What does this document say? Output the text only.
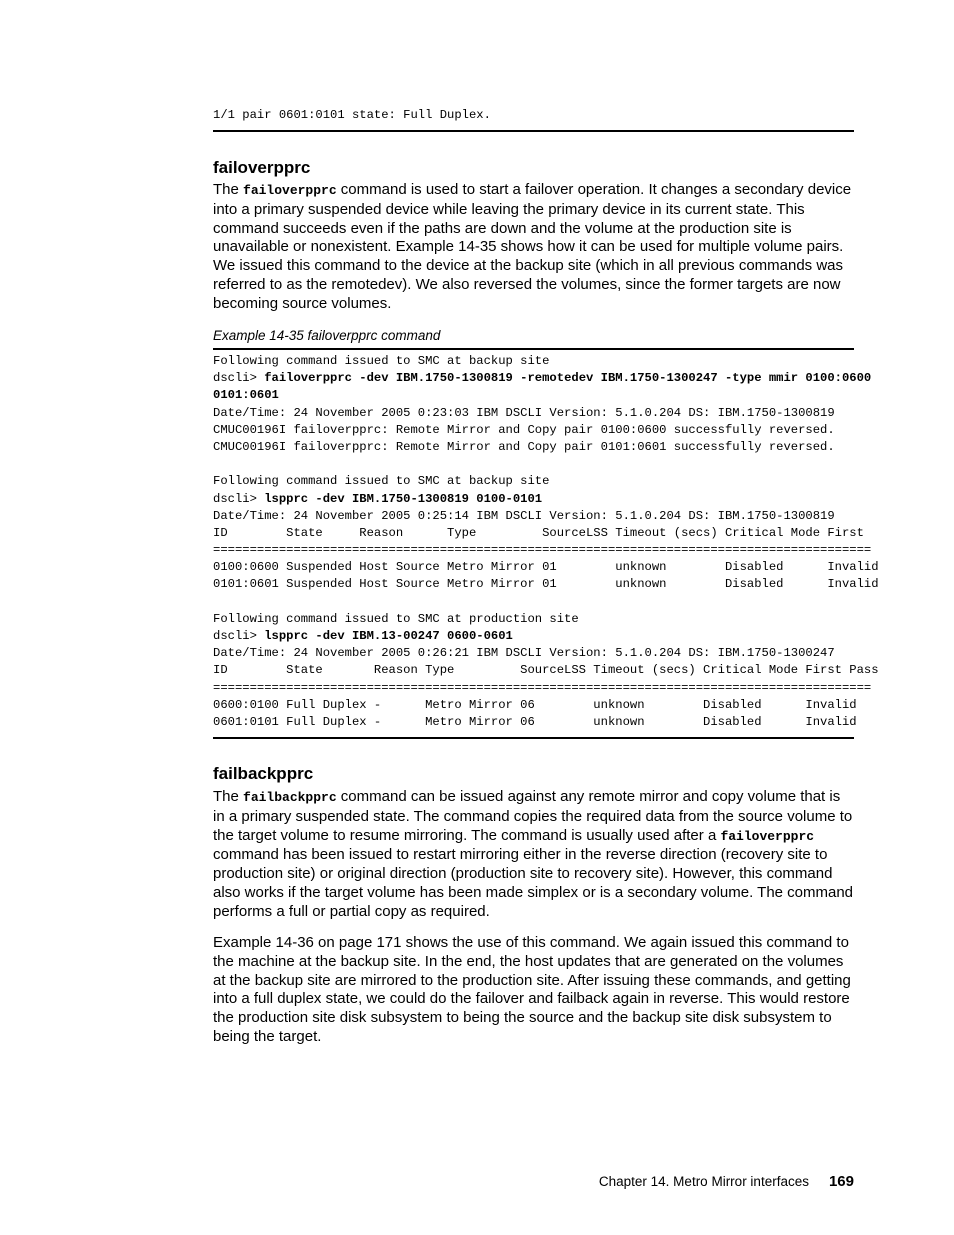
1/1 pair 0601:0101 state: Full Duplex.
failoverpprc

The failoverpprc command is used to start a failover operation. It changes a secondary device into a primary suspended device while leaving the primary device in its current state. This command succeeds even if the paths are down and the volume at the production site is unavailable or nonexistent. Example 14-35 shows how it can be used for multiple volume pairs. We issued this command to the device at the backup site (which in all previous commands was referred to as the remotedev). We also reversed the volumes, since the former targets are now becoming source volumes.

Example 14-35 failoverpprc command
Following command issued to SMC at backup site
dscli> failoverpprc -dev IBM.1750-1300819 -remotedev IBM.1750-1300247 -type mmir 0100:0600
0101:0601
Date/Time: 24 November 2005 0:23:03 IBM DSCLI Version: 5.1.0.204 DS: IBM.1750-1300819
CMUC00196I failoverpprc: Remote Mirror and Copy pair 0100:0600 successfully reversed.
CMUC00196I failoverpprc: Remote Mirror and Copy pair 0101:0601 successfully reversed.
Following command issued to SMC at backup site
dscli> lspprc -dev IBM.1750-1300819 0100-0101
Date/Time: 24 November 2005 0:25:14 IBM DSCLI Version: 5.1.0.204 DS: IBM.1750-1300819
ID        State     Reason      Type         SourceLSS Timeout (secs) Critical Mode First
==========================================================================================
0100:0600 Suspended Host Source Metro Mirror 01        unknown        Disabled      Invalid
0101:0601 Suspended Host Source Metro Mirror 01        unknown        Disabled      Invalid
Following command issued to SMC at production site
dscli> lspprc -dev IBM.13-00247 0600-0601
Date/Time: 24 November 2005 0:26:21 IBM DSCLI Version: 5.1.0.204 DS: IBM.1750-1300247
ID        State       Reason Type         SourceLSS Timeout (secs) Critical Mode First Pass
==========================================================================================
0600:0100 Full Duplex -      Metro Mirror 06        unknown        Disabled      Invalid
0601:0101 Full Duplex -      Metro Mirror 06        unknown        Disabled      Invalid
failbackpprc

The failbackpprc command can be issued against any remote mirror and copy volume that is in a primary suspended state. The command copies the required data from the source volume to the target volume to resume mirroring. The command is usually used after a failoverpprc command has been issued to restart mirroring either in the reverse direction (recovery site to production site) or original direction (production site to recovery site). However, this command also works if the target volume has been made simplex or is a secondary volume. The command performs a full or partial copy as required.

Example 14-36 on page 171 shows the use of this command. We again issued this command to the machine at the backup site. In the end, the host updates that are generated on the volumes at the backup site are mirrored to the production site. After issuing these commands, and getting into a full duplex state, we could do the failover and failback again in reverse. This would restore the production site disk subsystem to being the source and the backup site disk subsystem to being the target.

Chapter 14. Metro Mirror interfaces 169
